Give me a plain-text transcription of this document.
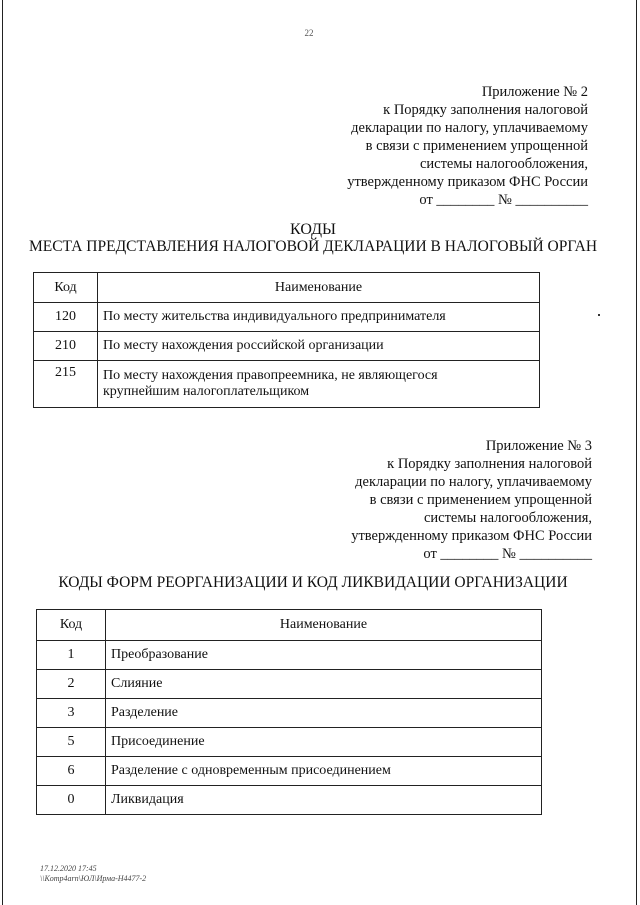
22
Приложение № 2
к Порядку заполнения налоговой
декларации по налогу, уплачиваемому
в связи с применением упрощенной
системы налогообложения,
утвержденному приказом ФНС России
от ________ № __________
КОДЫ
МЕСТА ПРЕДСТАВЛЕНИЯ НАЛОГОВОЙ ДЕКЛАРАЦИИ В НАЛОГОВЫЙ ОРГАН
Код	Наименование
120	По месту жительства индивидуального предпринимателя
210	По месту нахождения российской организации
215	По месту нахождения правопреемника, не являющегося
крупнейшим налогоплательщиком
Приложение № 3
к Порядку заполнения налоговой
декларации по налогу, уплачиваемому
в связи с применением упрощенной
системы налогообложения,
утвержденному приказом ФНС России
от ________ № __________
КОДЫ ФОРМ РЕОРГАНИЗАЦИИ И КОД ЛИКВИДАЦИИ ОРГАНИЗАЦИИ
Код	Наименование
1	Преобразование
2	Слияние
3	Разделение
5	Присоединение
6	Разделение с одновременным присоединением
0	Ликвидация
17.12.2020 17:45
\\Komp4arn\ЮЛ\Ирма-Н4477-2
